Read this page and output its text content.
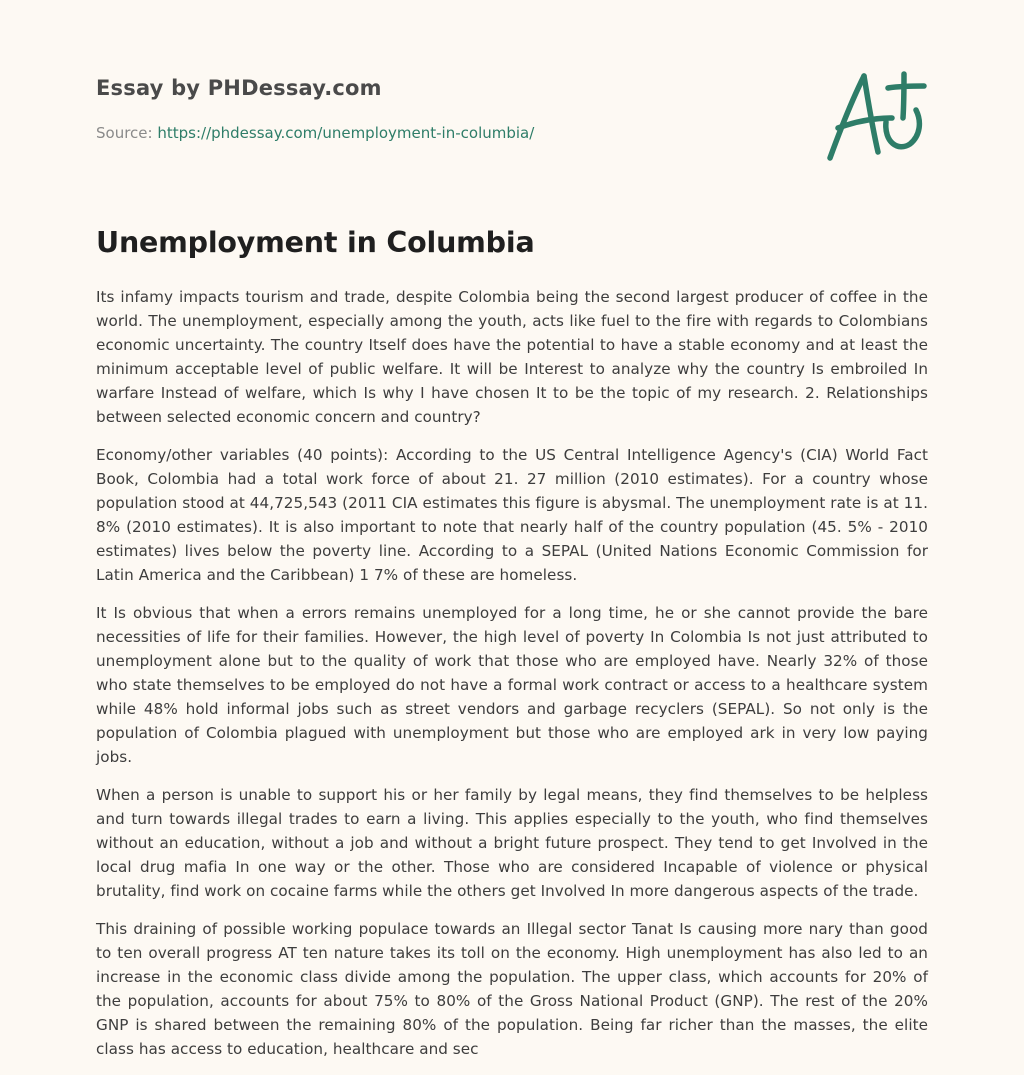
Essay by PHDessay.com

Source: https://phdessay.com/unemployment-in-columbia/

Unemployment in Columbia

Its infamy impacts tourism and trade, despite Colombia being the second largest producer of coffee in the world. The unemployment, especially among the youth, acts like fuel to the fire with regards to Colombians economic uncertainty. The country Itself does have the potential to have a stable economy and at least the minimum acceptable level of public welfare. It will be Interest to analyze why the country Is embroiled In warfare Instead of welfare, which Is why I have chosen It to be the topic of my research. 2. Relationships between selected economic concern and country?

Economy/other variables (40 points): According to the US Central Intelligence Agency's (CIA) World Fact Book, Colombia had a total work force of about 21. 27 million (2010 estimates). For a country whose population stood at 44,725,543 (2011 CIA estimates this figure is abysmal. The unemployment rate is at 11. 8% (2010 estimates). It is also important to note that nearly half of the country population (45. 5% - 2010 estimates) lives below the poverty line. According to a SEPAL (United Nations Economic Commission for Latin America and the Caribbean) 1 7% of these are homeless.

It Is obvious that when a errors remains unemployed for a long time, he or she cannot provide the bare necessities of life for their families. However, the high level of poverty In Colombia Is not just attributed to unemployment alone but to the quality of work that those who are employed have. Nearly 32% of those who state themselves to be employed do not have a formal work contract or access to a healthcare system while 48% hold informal jobs such as street vendors and garbage recyclers (SEPAL). So not only is the population of Colombia plagued with unemployment but those who are employed ark in very low paying jobs.

When a person is unable to support his or her family by legal means, they find themselves to be helpless and turn towards illegal trades to earn a living. This applies especially to the youth, who find themselves without an education, without a job and without a bright future prospect. They tend to get Involved in the local drug mafia In one way or the other. Those who are considered Incapable of violence or physical brutality, find work on cocaine farms while the others get Involved In more dangerous aspects of the trade.

This draining of possible working populace towards an Illegal sector Tanat Is causing more nary than good to ten overall progress AT ten nature takes its toll on the economy. High unemployment has also led to an increase in the economic class divide among the population. The upper class, which accounts for 20% of the population, accounts for about 75% to 80% of the Gross National Product (GNP). The rest of the 20% GNP is shared between the remaining 80% of the population. Being far richer than the masses, the elite class has access to education, healthcare and sec
